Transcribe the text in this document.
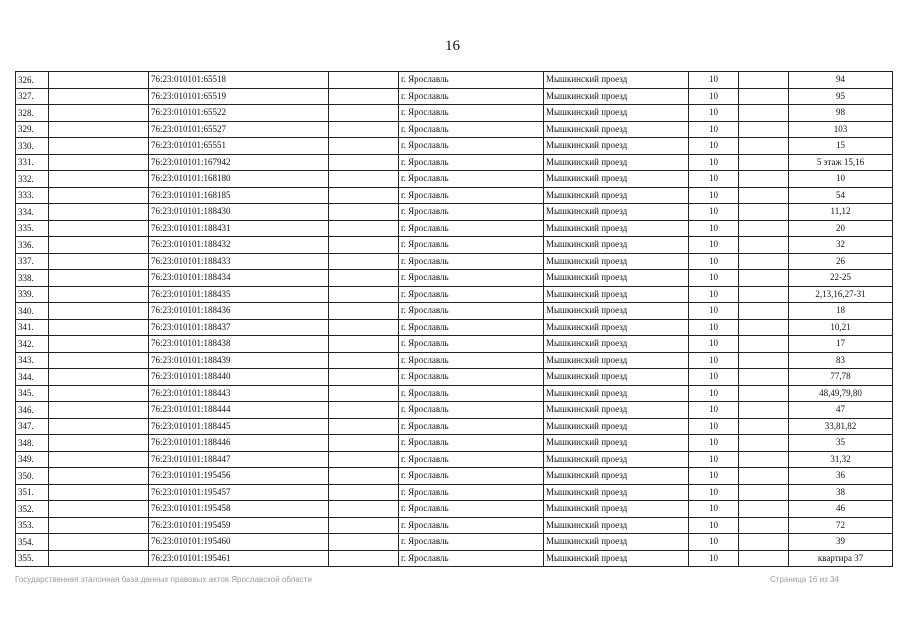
16
326.		76:23:010101:65518		г. Ярославль	Мышкинский проезд	10		94
327.		76:23:010101:65519		г. Ярославль	Мышкинский проезд	10		95
328.		76:23:010101:65522		г. Ярославль	Мышкинский проезд	10		98
329.		76:23:010101:65527		г. Ярославль	Мышкинский проезд	10		103
330.		76:23:010101:65551		г. Ярославль	Мышкинский проезд	10		15
331.		76:23:010101:167942		г. Ярославль	Мышкинский проезд	10		5 этаж 15,16
332.		76:23:010101:168180		г. Ярославль	Мышкинский проезд	10		10
333.		76:23:010101:168185		г. Ярославль	Мышкинский проезд	10		54
334.		76:23:010101:188430		г. Ярославль	Мышкинский проезд	10		11,12
335.		76:23:010101:188431		г. Ярославль	Мышкинский проезд	10		20
336.		76:23:010101:188432		г. Ярославль	Мышкинский проезд	10		32
337.		76:23:010101:188433		г. Ярославль	Мышкинский проезд	10		26
338.		76:23:010101:188434		г. Ярославль	Мышкинский проезд	10		22-25
339.		76:23:010101:188435		г. Ярославль	Мышкинский проезд	10		2,13,16,27-31
340.		76:23:010101:188436		г. Ярославль	Мышкинский проезд	10		18
341.		76:23:010101:188437		г. Ярославль	Мышкинский проезд	10		10,21
342.		76:23:010101:188438		г. Ярославль	Мышкинский проезд	10		17
343.		76:23:010101:188439		г. Ярославль	Мышкинский проезд	10		83
344.		76:23:010101:188440		г. Ярославль	Мышкинский проезд	10		77,78
345.		76:23:010101:188443		г. Ярославль	Мышкинский проезд	10		48,49,79,80
346.		76:23:010101:188444		г. Ярославль	Мышкинский проезд	10		47
347.		76:23:010101:188445		г. Ярославль	Мышкинский проезд	10		33,81,82
348.		76:23:010101:188446		г. Ярославль	Мышкинский проезд	10		35
349.		76:23:010101:188447		г. Ярославль	Мышкинский проезд	10		31,32
350.		76:23:010101:195456		г. Ярославль	Мышкинский проезд	10		36
351.		76:23:010101:195457		г. Ярославль	Мышкинский проезд	10		38
352.		76:23:010101:195458		г. Ярославль	Мышкинский проезд	10		46
353.		76:23:010101:195459		г. Ярославль	Мышкинский проезд	10		72
354.		76:23:010101:195460		г. Ярославль	Мышкинский проезд	10		39
355.		76:23:010101:195461		г. Ярославль	Мышкинский проезд	10		квартира 37
Государственная эталонная база данных правовых актов Ярославской области	Страница 16 из 34
